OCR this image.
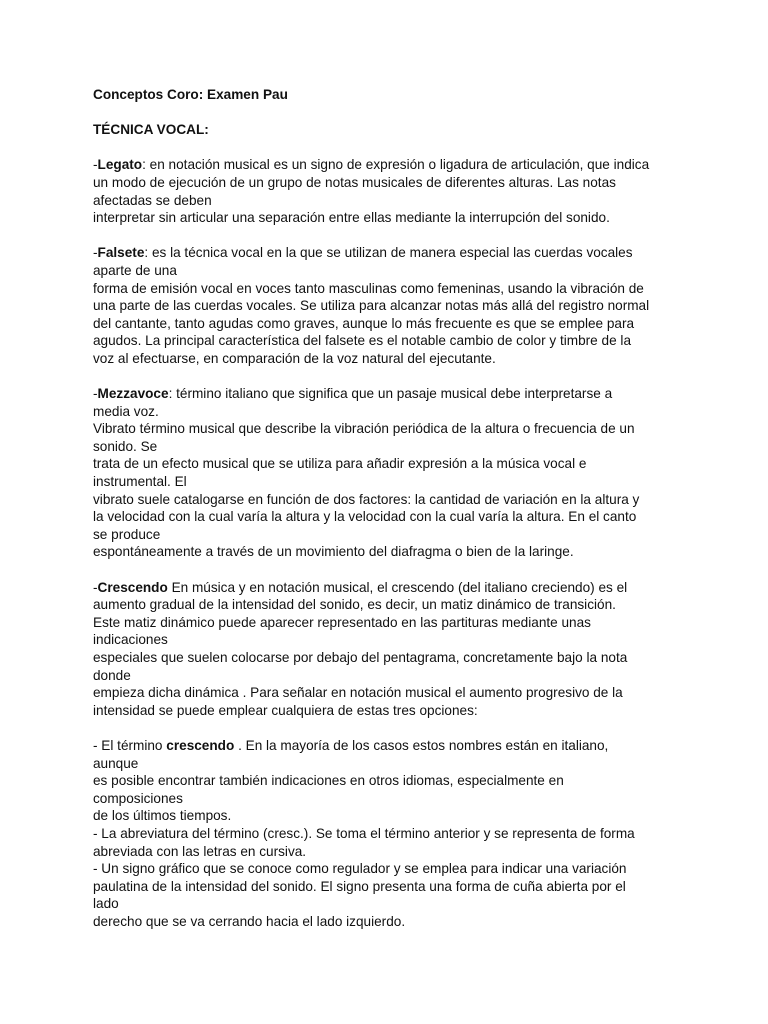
Conceptos Coro: Examen Pau
TÉCNICA VOCAL:
-Legato: en notación musical es un signo de expresión o ligadura de articulación, que indica
un modo de ejecución de un grupo de notas musicales de diferentes alturas. Las notas
afectadas se deben
interpretar sin articular una separación entre ellas mediante la interrupción del sonido.
-Falsete: es la técnica vocal en la que se utilizan de manera especial las cuerdas vocales
aparte de una
forma de emisión vocal en voces tanto masculinas como femeninas, usando la vibración de
una parte de las cuerdas vocales. Se utiliza para alcanzar notas más allá del registro normal
del cantante, tanto agudas como graves, aunque lo más frecuente es que se emplee para
agudos. La principal característica del falsete es el notable cambio de color y timbre de la
voz al efectuarse, en comparación de la voz natural del ejecutante.
-Mezzavoce: término italiano que significa que un pasaje musical debe interpretarse a
media voz.
Vibrato término musical que describe la vibración periódica de la altura o frecuencia de un
sonido. Se
trata de un efecto musical que se utiliza para añadir expresión a la música vocal e
instrumental. El
vibrato suele catalogarse en función de dos factores: la cantidad de variación en la altura y
la velocidad con la cual varía la altura y la velocidad con la cual varía la altura. En el canto
se produce
espontáneamente a través de un movimiento del diafragma o bien de la laringe.
-Crescendo En música y en notación musical, el crescendo (del italiano creciendo) es el
aumento gradual de la intensidad del sonido, es decir, un matiz dinámico de transición.
Este matiz dinámico puede aparecer representado en las partituras mediante unas
indicaciones
especiales que suelen colocarse por debajo del pentagrama, concretamente bajo la nota
donde
empieza dicha dinámica . Para señalar en notación musical el aumento progresivo de la
intensidad se puede emplear cualquiera de estas tres opciones:
- El término crescendo . En la mayoría de los casos estos nombres están en italiano,
aunque
es posible encontrar también indicaciones en otros idiomas, especialmente en
composiciones
de los últimos tiempos.
- La abreviatura del término (cresc.). Se toma el término anterior y se representa de forma
abreviada con las letras en cursiva.
- Un signo gráfico que se conoce como regulador y se emplea para indicar una variación
paulatina de la intensidad del sonido. El signo presenta una forma de cuña abierta por el
lado
derecho que se va cerrando hacia el lado izquierdo.
